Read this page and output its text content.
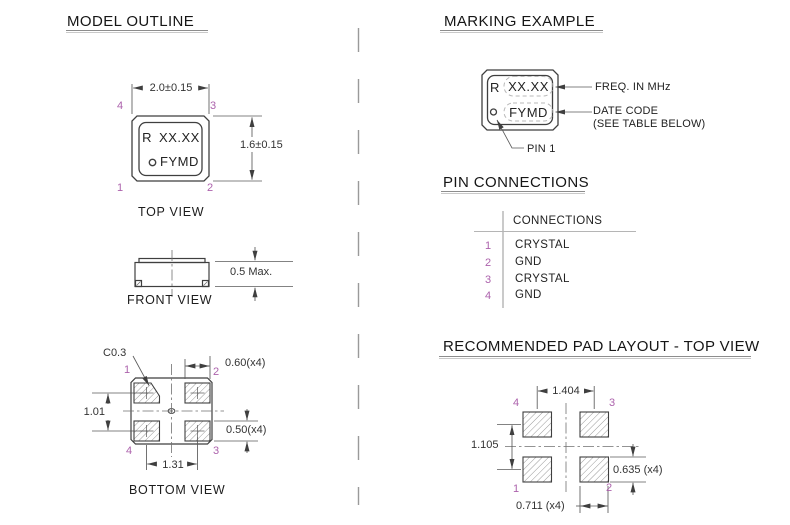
MODEL OUTLINE	MARKING EXAMPLE
PIN CONNECTIONS
RECOMMENDED PAD LAYOUT - TOP VIEW
2.0±0.15
4	3
1	2
R XX.XX
FYMD
1.6±0.15
TOP VIEW
0.5 Max.
FRONT VIEW
C0.3
0.60(x4)
1	2
1.01
0.50(x4)
4	3
1.31
BOTTOM VIEW
R XX.XX
FYMD
FREQ. IN MHz
DATE CODE
(SEE TABLE BELOW)
PIN 1
CONNECTIONS
1 CRYSTAL
2 GND
3 CRYSTAL
4 GND
1.404
4	3
1.105
0.635 (x4)
1	2
0.711 (x4)
